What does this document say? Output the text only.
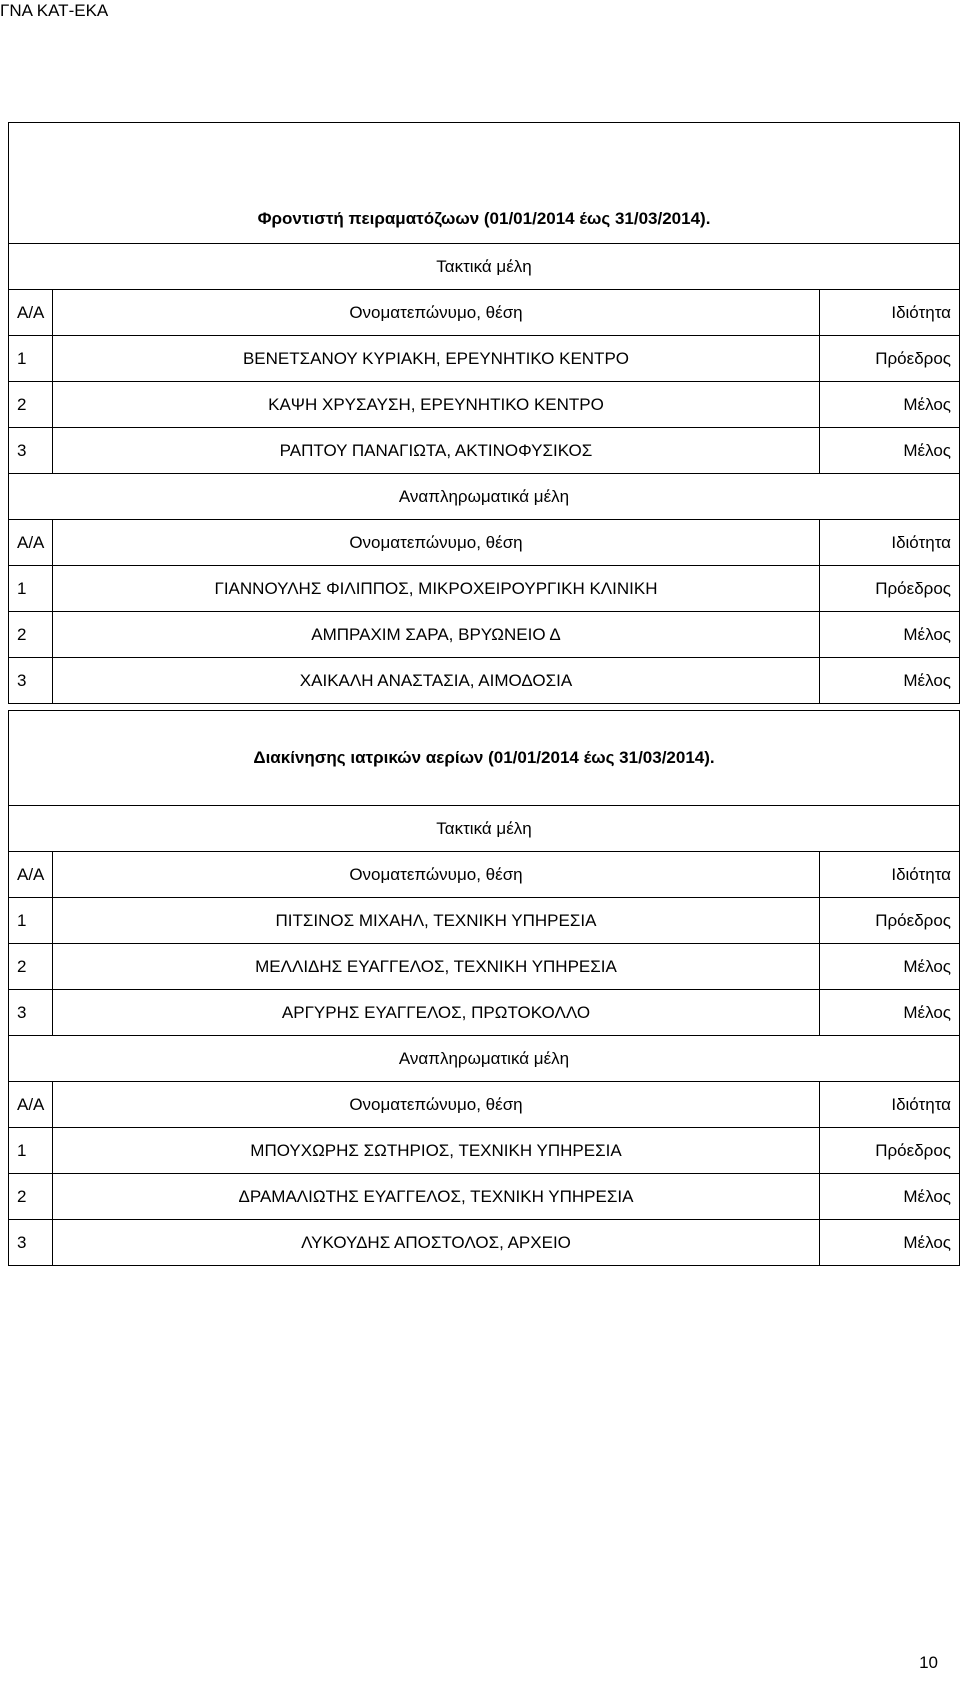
ΓΝΑ ΚΑΤ-ΕΚΑ
Φροντιστή πειραματόζωων (01/01/2014 έως 31/03/2014).		
Τακτικά μέλη		
Α/Α	Ονοματεπώνυμο, θέση	Ιδιότητα
1	ΒΕΝΕΤΣΑΝΟΥ ΚΥΡΙΑΚΗ, ΕΡΕΥΝΗΤΙΚΟ ΚΕΝΤΡΟ	Πρόεδρος
2	ΚΑΨΗ ΧΡΥΣΑΥΣΗ, ΕΡΕΥΝΗΤΙΚΟ ΚΕΝΤΡΟ	Μέλος
3	ΡΑΠΤΟΥ ΠΑΝΑΓΙΩΤΑ, ΑΚΤΙΝΟΦΥΣΙΚΟΣ	Μέλος
Αναπληρωματικά μέλη		
Α/Α	Ονοματεπώνυμο, θέση	Ιδιότητα
1	ΓΙΑΝΝΟΥΛΗΣ ΦΙΛΙΠΠΟΣ, ΜΙΚΡΟΧΕΙΡΟΥΡΓΙΚΗ ΚΛΙΝΙΚΗ	Πρόεδρος
2	ΑΜΠΡΑΧΙΜ ΣΑΡΑ, ΒΡΥΩΝΕΙΟ Δ	Μέλος
3	ΧΑΙΚΑΛΗ ΑΝΑΣΤΑΣΙΑ, ΑΙΜΟΔΟΣΙΑ	Μέλος
Διακίνησης ιατρικών αερίων (01/01/2014 έως 31/03/2014).		
Τακτικά μέλη		
Α/Α	Ονοματεπώνυμο, θέση	Ιδιότητα
1	ΠΙΤΣΙΝΟΣ ΜΙΧΑΗΛ, ΤΕΧΝΙΚΗ ΥΠΗΡΕΣΙΑ	Πρόεδρος
2	ΜΕΛΛΙΔΗΣ ΕΥΑΓΓΕΛΟΣ, ΤΕΧΝΙΚΗ ΥΠΗΡΕΣΙΑ	Μέλος
3	ΑΡΓΥΡΗΣ ΕΥΑΓΓΕΛΟΣ, ΠΡΩΤΟΚΟΛΛΟ	Μέλος
Αναπληρωματικά μέλη		
Α/Α	Ονοματεπώνυμο, θέση	Ιδιότητα
1	ΜΠΟΥΧΩΡΗΣ ΣΩΤΗΡΙΟΣ, ΤΕΧΝΙΚΗ ΥΠΗΡΕΣΙΑ	Πρόεδρος
2	ΔΡΑΜΑΛΙΩΤΗΣ ΕΥΑΓΓΕΛΟΣ, ΤΕΧΝΙΚΗ ΥΠΗΡΕΣΙΑ	Μέλος
3	ΛΥΚΟΥΔΗΣ ΑΠΟΣΤΟΛΟΣ, ΑΡΧΕΙΟ	Μέλος
10
